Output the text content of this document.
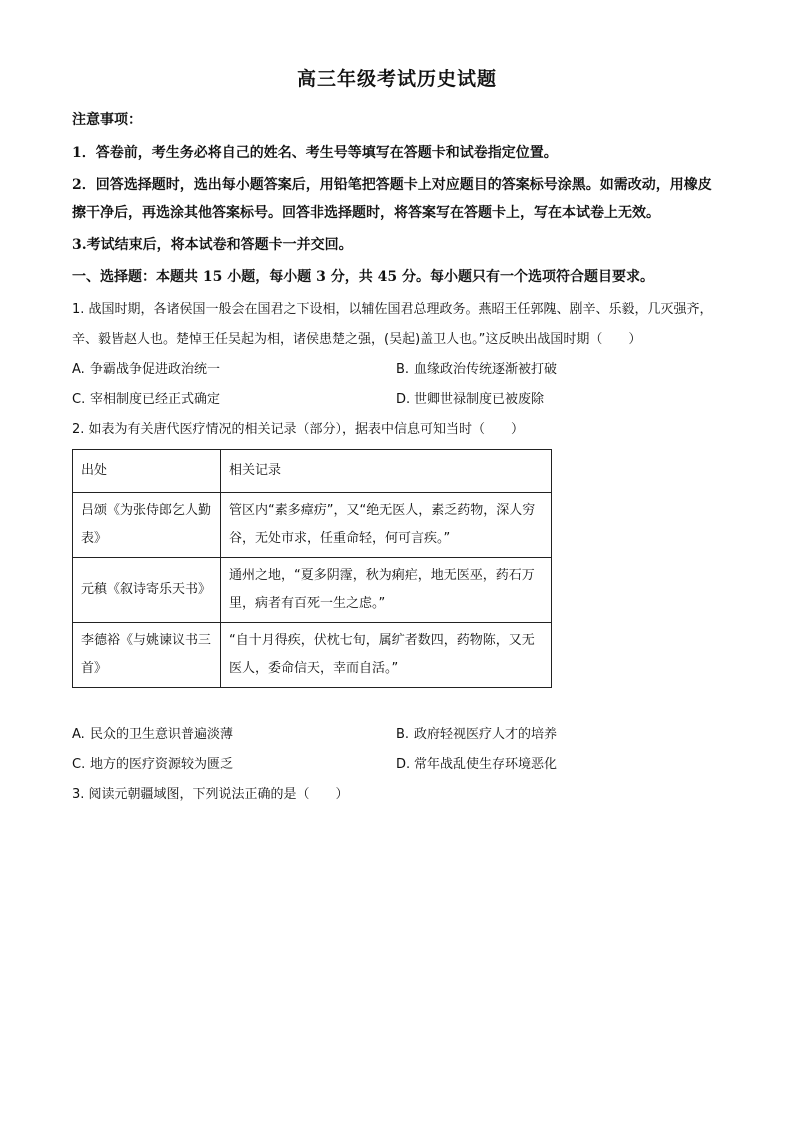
高三年级考试历史试题

注意事项：

1．答卷前，考生务必将自己的姓名、考生号等填写在答题卡和试卷指定位置。

2．回答选择题时，选出每小题答案后，用铅笔把答题卡上对应题目的答案标号涂黑。如需改动，用橡皮擦干净后，再选涂其他答案标号。回答非选择题时，将答案写在答题卡上，写在本试卷上无效。

3.考试结束后，将本试卷和答题卡一并交回。

一、选择题：本题共 15 小题，每小题 3 分，共 45 分。每小题只有一个选项符合题目要求。

1. 战国时期，各诸侯国一般会在国君之下设相，以辅佐国君总理政务。燕昭王任郭隗、剧辛、乐毅，几灭强齐，辛、毅皆赵人也。楚悼王任吴起为相，诸侯患楚之强，(吴起)盖卫人也。”这反映出战国时期（　　）

A. 争霸战争促进政治统一	B. 血缘政治传统逐渐被打破
C. 宰相制度已经正式确定	D. 世卿世禄制度已被废除

2. 如表为有关唐代医疗情况的相关记录（部分），据表中信息可知当时（　　）

出处	相关记录
吕颂《为张侍郎乞人勤表》	管区内“素多瘴疠”，又“绝无医人，素乏药物，深人穷谷，无处市求，任重命轻，何可言疾。”
元稹《叙诗寄乐天书》	通州之地，“夏多阴霪，秋为痢疟，地无医巫，药石万里，病者有百死一生之虑。”
李德裕《与姚谏议书三首》	“自十月得疾，伏枕七旬，属纩者数四，药物陈，又无医人，委命信天，幸而自活。”
A. 民众的卫生意识普遍淡薄	B. 政府轻视医疗人才的培养
C. 地方的医疗资源较为匮乏	D. 常年战乱使生存环境恶化

3. 阅读元朝疆域图，下列说法正确的是（　　）
